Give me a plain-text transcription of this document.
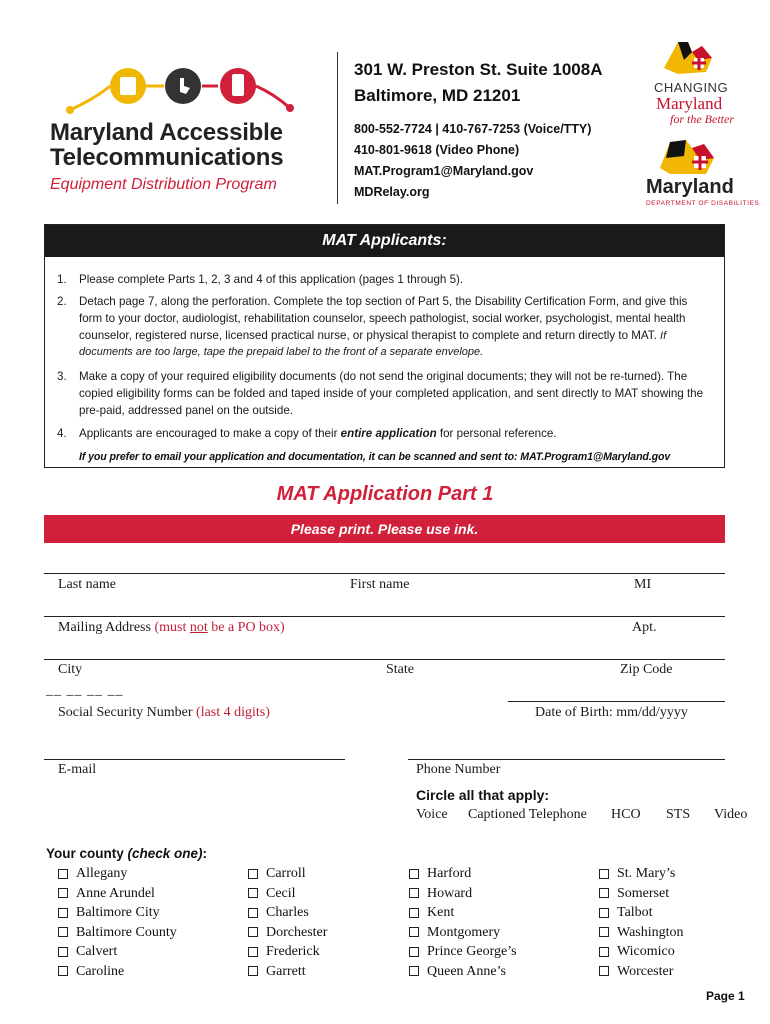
Maryland Accessible
Telecommunications
Equipment Distribution Program
301 W. Preston St. Suite 1008A
Baltimore, MD 21201
800-552-7724 | 410-767-7253 (Voice/TTY)
410-801-9618 (Video Phone)
MAT.Program1@Maryland.gov
MDRelay.org
CHANGING
Maryland
for the Better
Maryland
DEPARTMENT OF DISABILITIES
MAT Applicants:
1.	Please complete Parts 1, 2, 3 and 4 of this application (pages 1 through 5).
2.	Detach page 7, along the perforation. Complete the top section of Part 5, the Disability Certification Form, and give this form to your doctor, audiologist, rehabilitation counselor, speech pathologist, social worker, psychologist, mental health counselor, registered nurse, licensed practical nurse, or physical therapist to complete and return directly to MAT. If documents are too large, tape the prepaid label to the front of a separate envelope.
3.	Make a copy of your required eligibility documents (do not send the original documents; they will not be re-turned). The copied eligibility forms can be folded and taped inside of your completed application, and sent directly to MAT showing the pre-paid, addressed panel on the outside.
4.	Applicants are encouraged to make a copy of their entire application for personal reference.
If you prefer to email your application and documentation, it can be scanned and sent to: MAT.Program1@Maryland.gov
MAT Application Part 1
Please print. Please use ink.
Last name	First name	MI
Mailing Address (must not be a PO box)	Apt.
City	State	Zip Code
__ __ __ __
Social Security Number (last 4 digits)	Date of Birth: mm/dd/yyyy
E-mail	Phone Number
Circle all that apply:
Voice Captioned Telephone HCO STS Video
Your county (check one):
Allegany
Anne Arundel
Baltimore City
Baltimore County
Calvert
Caroline
Carroll
Cecil
Charles
Dorchester
Frederick
Garrett
Harford
Howard
Kent
Montgomery
Prince George’s
Queen Anne’s
St. Mary’s
Somerset
Talbot
Washington
Wicomico
Worcester
Page 1
